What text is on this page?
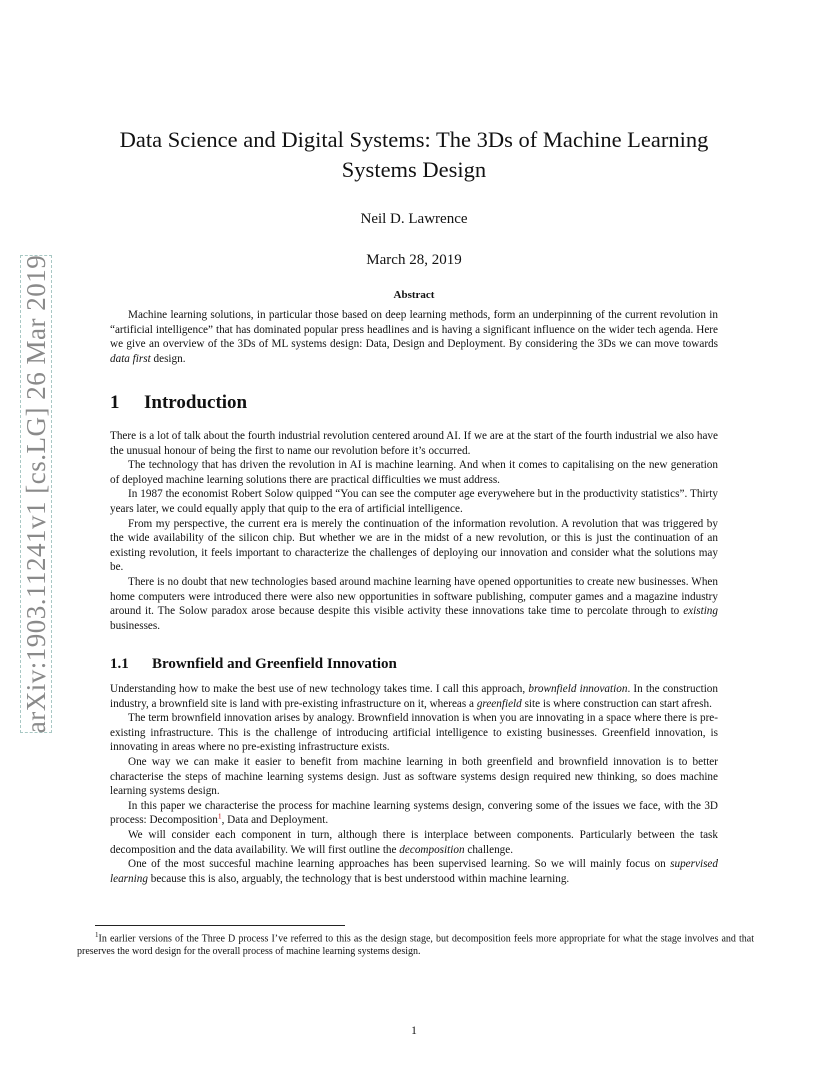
arXiv:1903.11241v1 [cs.LG] 26 Mar 2019
Data Science and Digital Systems: The 3Ds of Machine Learning
Systems Design
Neil D. Lawrence
March 28, 2019
Abstract

Machine learning solutions, in particular those based on deep learning methods, form an underpinning of the current revolution in “artificial intelligence” that has dominated popular press headlines and is having a significant influence on the wider tech agenda. Here we give an overview of the 3Ds of ML systems design: Data, Design and Deployment. By considering the 3Ds we can move towards data first design.

1 Introduction

There is a lot of talk about the fourth industrial revolution centered around AI. If we are at the start of the fourth industrial we also have the unusual honour of being the first to name our revolution before it’s occurred.

The technology that has driven the revolution in AI is machine learning. And when it comes to capitalising on the new generation of deployed machine learning solutions there are practical difficulties we must address.

In 1987 the economist Robert Solow quipped “You can see the computer age everywehere but in the productivity statistics”. Thirty years later, we could equally apply that quip to the era of artificial intelligence.

From my perspective, the current era is merely the continuation of the information revolution. A revolution that was triggered by the wide availability of the silicon chip. But whether we are in the midst of a new revolution, or this is just the continuation of an existing revolution, it feels important to characterize the challenges of deploying our innovation and consider what the solutions may be.

There is no doubt that new technologies based around machine learning have opened opportunities to create new businesses. When home computers were introduced there were also new opportunities in software publishing, computer games and a magazine industry around it. The Solow paradox arose because despite this visible activity these innovations take time to percolate through to existing businesses.

1.1 Brownfield and Greenfield Innovation

Understanding how to make the best use of new technology takes time. I call this approach, brownfield innovation. In the construction industry, a brownfield site is land with pre-existing infrastructure on it, whereas a greenfield site is where construction can start afresh.

The term brownfield innovation arises by analogy. Brownfield innovation is when you are innovating in a space where there is pre-existing infrastructure. This is the challenge of introducing artificial intelligence to existing businesses. Greenfield innovation, is innovating in areas where no pre-existing infrastructure exists.

One way we can make it easier to benefit from machine learning in both greenfield and brownfield innovation is to better characterise the steps of machine learning systems design. Just as software systems design required new thinking, so does machine learning systems design.

In this paper we characterise the process for machine learning systems design, convering some of the issues we face, with the 3D process: Decomposition$^1$, Data and Deployment.

We will consider each component in turn, although there is interplace between components. Particularly between the task decomposition and the data availability. We will first outline the decomposition challenge.

One of the most succesful machine learning approaches has been supervised learning. So we will mainly focus on supervised learning because this is also, arguably, the technology that is best understood within machine learning.

$^1$In earlier versions of the Three D process I’ve referred to this as the design stage, but decomposition feels more appropriate for what the stage involves and that preserves the word design for the overall process of machine learning systems design.

1
